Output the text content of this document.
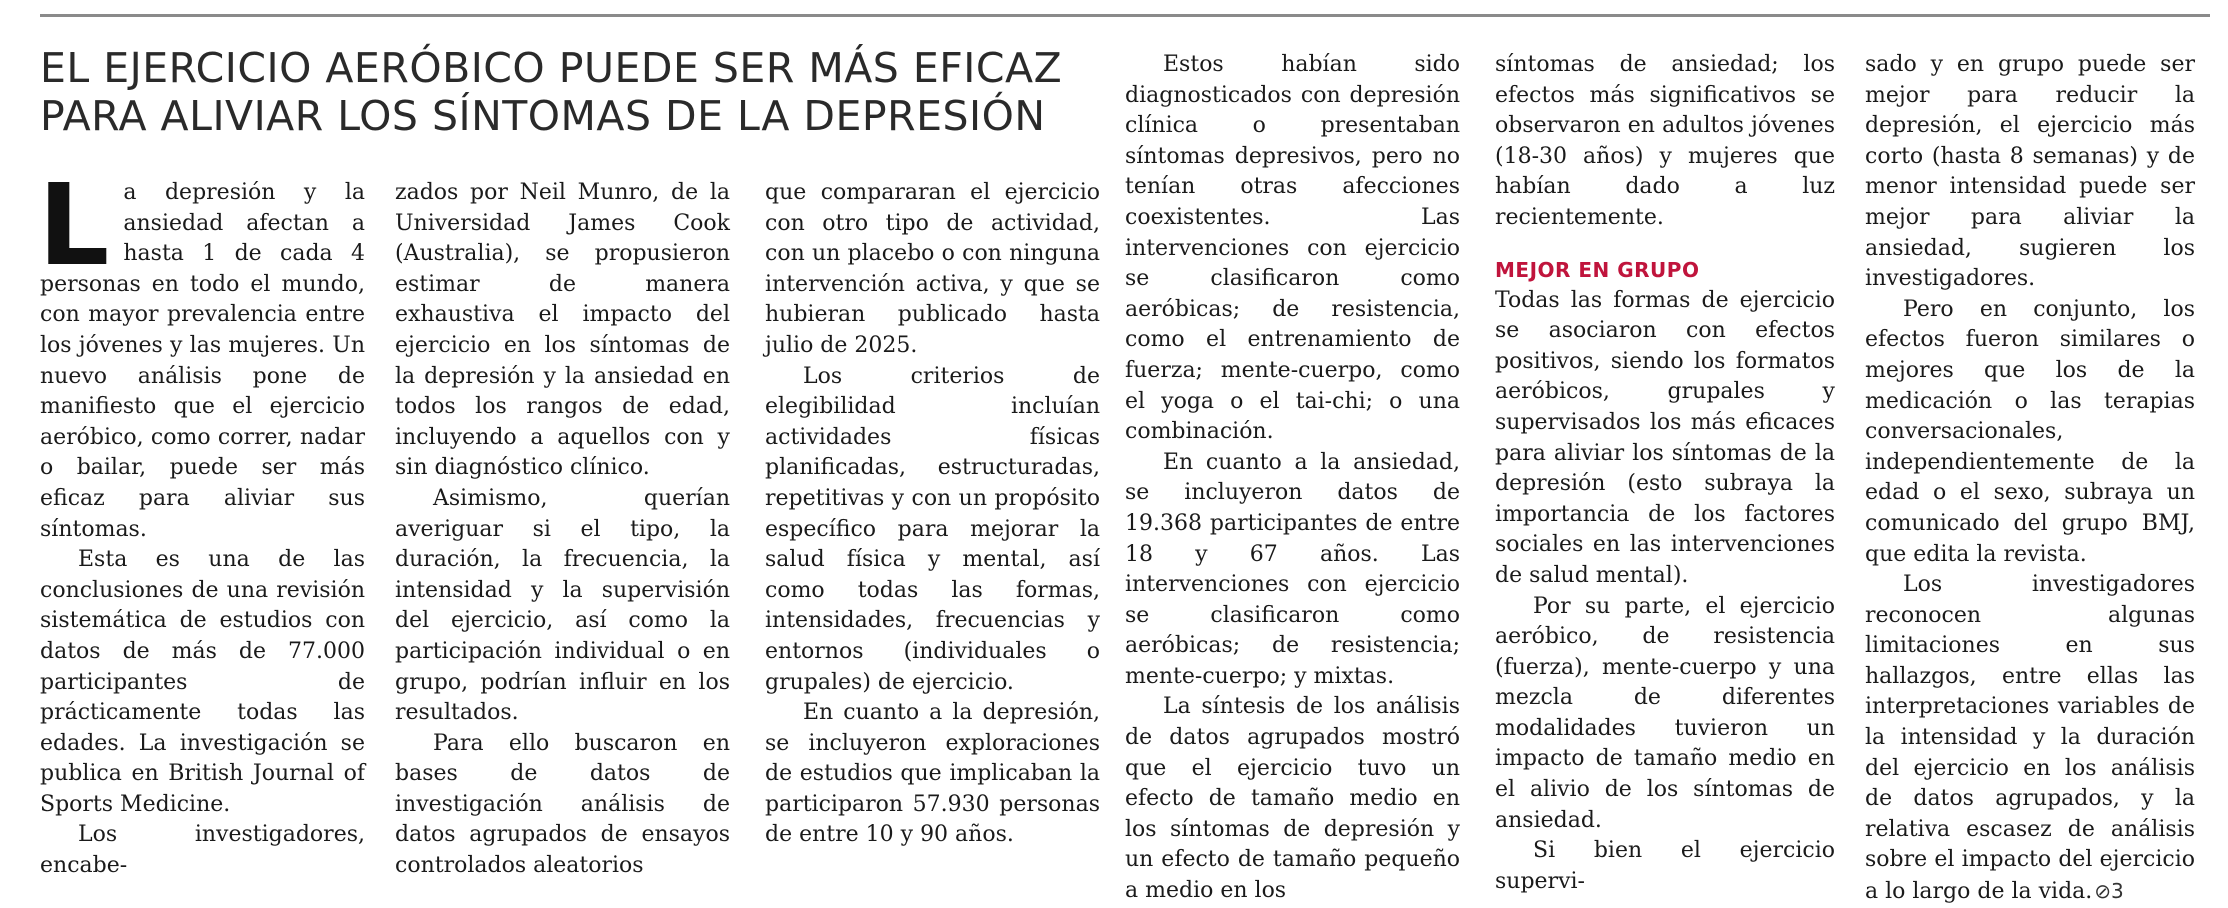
EL EJERCICIO AERÓBICO PUEDE SER MÁS EFICAZ
PARA ALIVIAR LOS SÍNTOMAS DE LA DEPRESIÓN

La depresión y la ansiedad afectan a hasta 1 de cada 4 personas en todo el mundo, con mayor prevalencia entre los jóvenes y las mujeres. Un nuevo análisis pone de manifiesto que el ejercicio aeróbico, como correr, nadar o bailar, puede ser más eficaz para aliviar sus síntomas.

Esta es una de las conclusiones de una revisión sistemática de estudios con datos de más de 77.000 participantes de prácticamente todas las edades. La investigación se publica en British Journal of Sports Medicine.

Los investigadores, encabe-

zados por Neil Munro, de la Universidad James Cook (Australia), se propusieron estimar de manera exhaustiva el impacto del ejercicio en los síntomas de la depresión y la ansiedad en todos los rangos de edad, incluyendo a aquellos con y sin diagnóstico clínico.

Asimismo, querían averiguar si el tipo, la duración, la frecuencia, la intensidad y la supervisión del ejercicio, así como la participación individual o en grupo, podrían influir en los resultados.

Para ello buscaron en bases de datos de investigación análisis de datos agrupados de ensayos controlados aleatorios

que compararan el ejercicio con otro tipo de actividad, con un placebo o con ninguna intervención activa, y que se hubieran publicado hasta julio de 2025.

Los criterios de elegibilidad incluían actividades físicas planificadas, estructuradas, repetitivas y con un propósito específico para mejorar la salud física y mental, así como todas las formas, intensidades, frecuencias y entornos (individuales o grupales) de ejercicio.

En cuanto a la depresión, se incluyeron exploraciones de estudios que implicaban la participaron 57.930 personas de entre 10 y 90 años.

Estos habían sido diagnosticados con depresión clínica o presentaban síntomas depresivos, pero no tenían otras afecciones coexistentes. Las intervenciones con ejercicio se clasificaron como aeróbicas; de resistencia, como el entrenamiento de fuerza; mente-cuerpo, como el yoga o el tai-chi; o una combinación.

En cuanto a la ansiedad, se incluyeron datos de 19.368 participantes de entre 18 y 67 años. Las intervenciones con ejercicio se clasificaron como aeróbicas; de resistencia; mente-cuerpo; y mixtas.

La síntesis de los análisis de datos agrupados mostró que el ejercicio tuvo un efecto de tamaño medio en los síntomas de depresión y un efecto de tamaño pequeño a medio en los

síntomas de ansiedad; los efectos más significativos se observaron en adultos jóvenes (18-30 años) y mujeres que habían dado a luz recientemente.

MEJOR EN GRUPO

Todas las formas de ejercicio se asociaron con efectos positivos, siendo los formatos aeróbicos, grupales y supervisados los más eficaces para aliviar los síntomas de la depresión (esto subraya la importancia de los factores sociales en las intervenciones de salud mental).

Por su parte, el ejercicio aeróbico, de resistencia (fuerza), mente-cuerpo y una mezcla de diferentes modalidades tuvieron un impacto de tamaño medio en el alivio de los síntomas de ansiedad.

Si bien el ejercicio supervi-

sado y en grupo puede ser mejor para reducir la depresión, el ejercicio más corto (hasta 8 semanas) y de menor intensidad puede ser mejor para aliviar la ansiedad, sugieren los investigadores.

Pero en conjunto, los efectos fueron similares o mejores que los de la medicación o las terapias conversacionales, independientemente de la edad o el sexo, subraya un comunicado del grupo BMJ, que edita la revista.

Los investigadores reconocen algunas limitaciones en sus hallazgos, entre ellas las interpretaciones variables de la intensidad y la duración del ejercicio en los análisis de datos agrupados, y la relativa escasez de análisis sobre el impacto del ejercicio a lo largo de la vida. ⊘3
